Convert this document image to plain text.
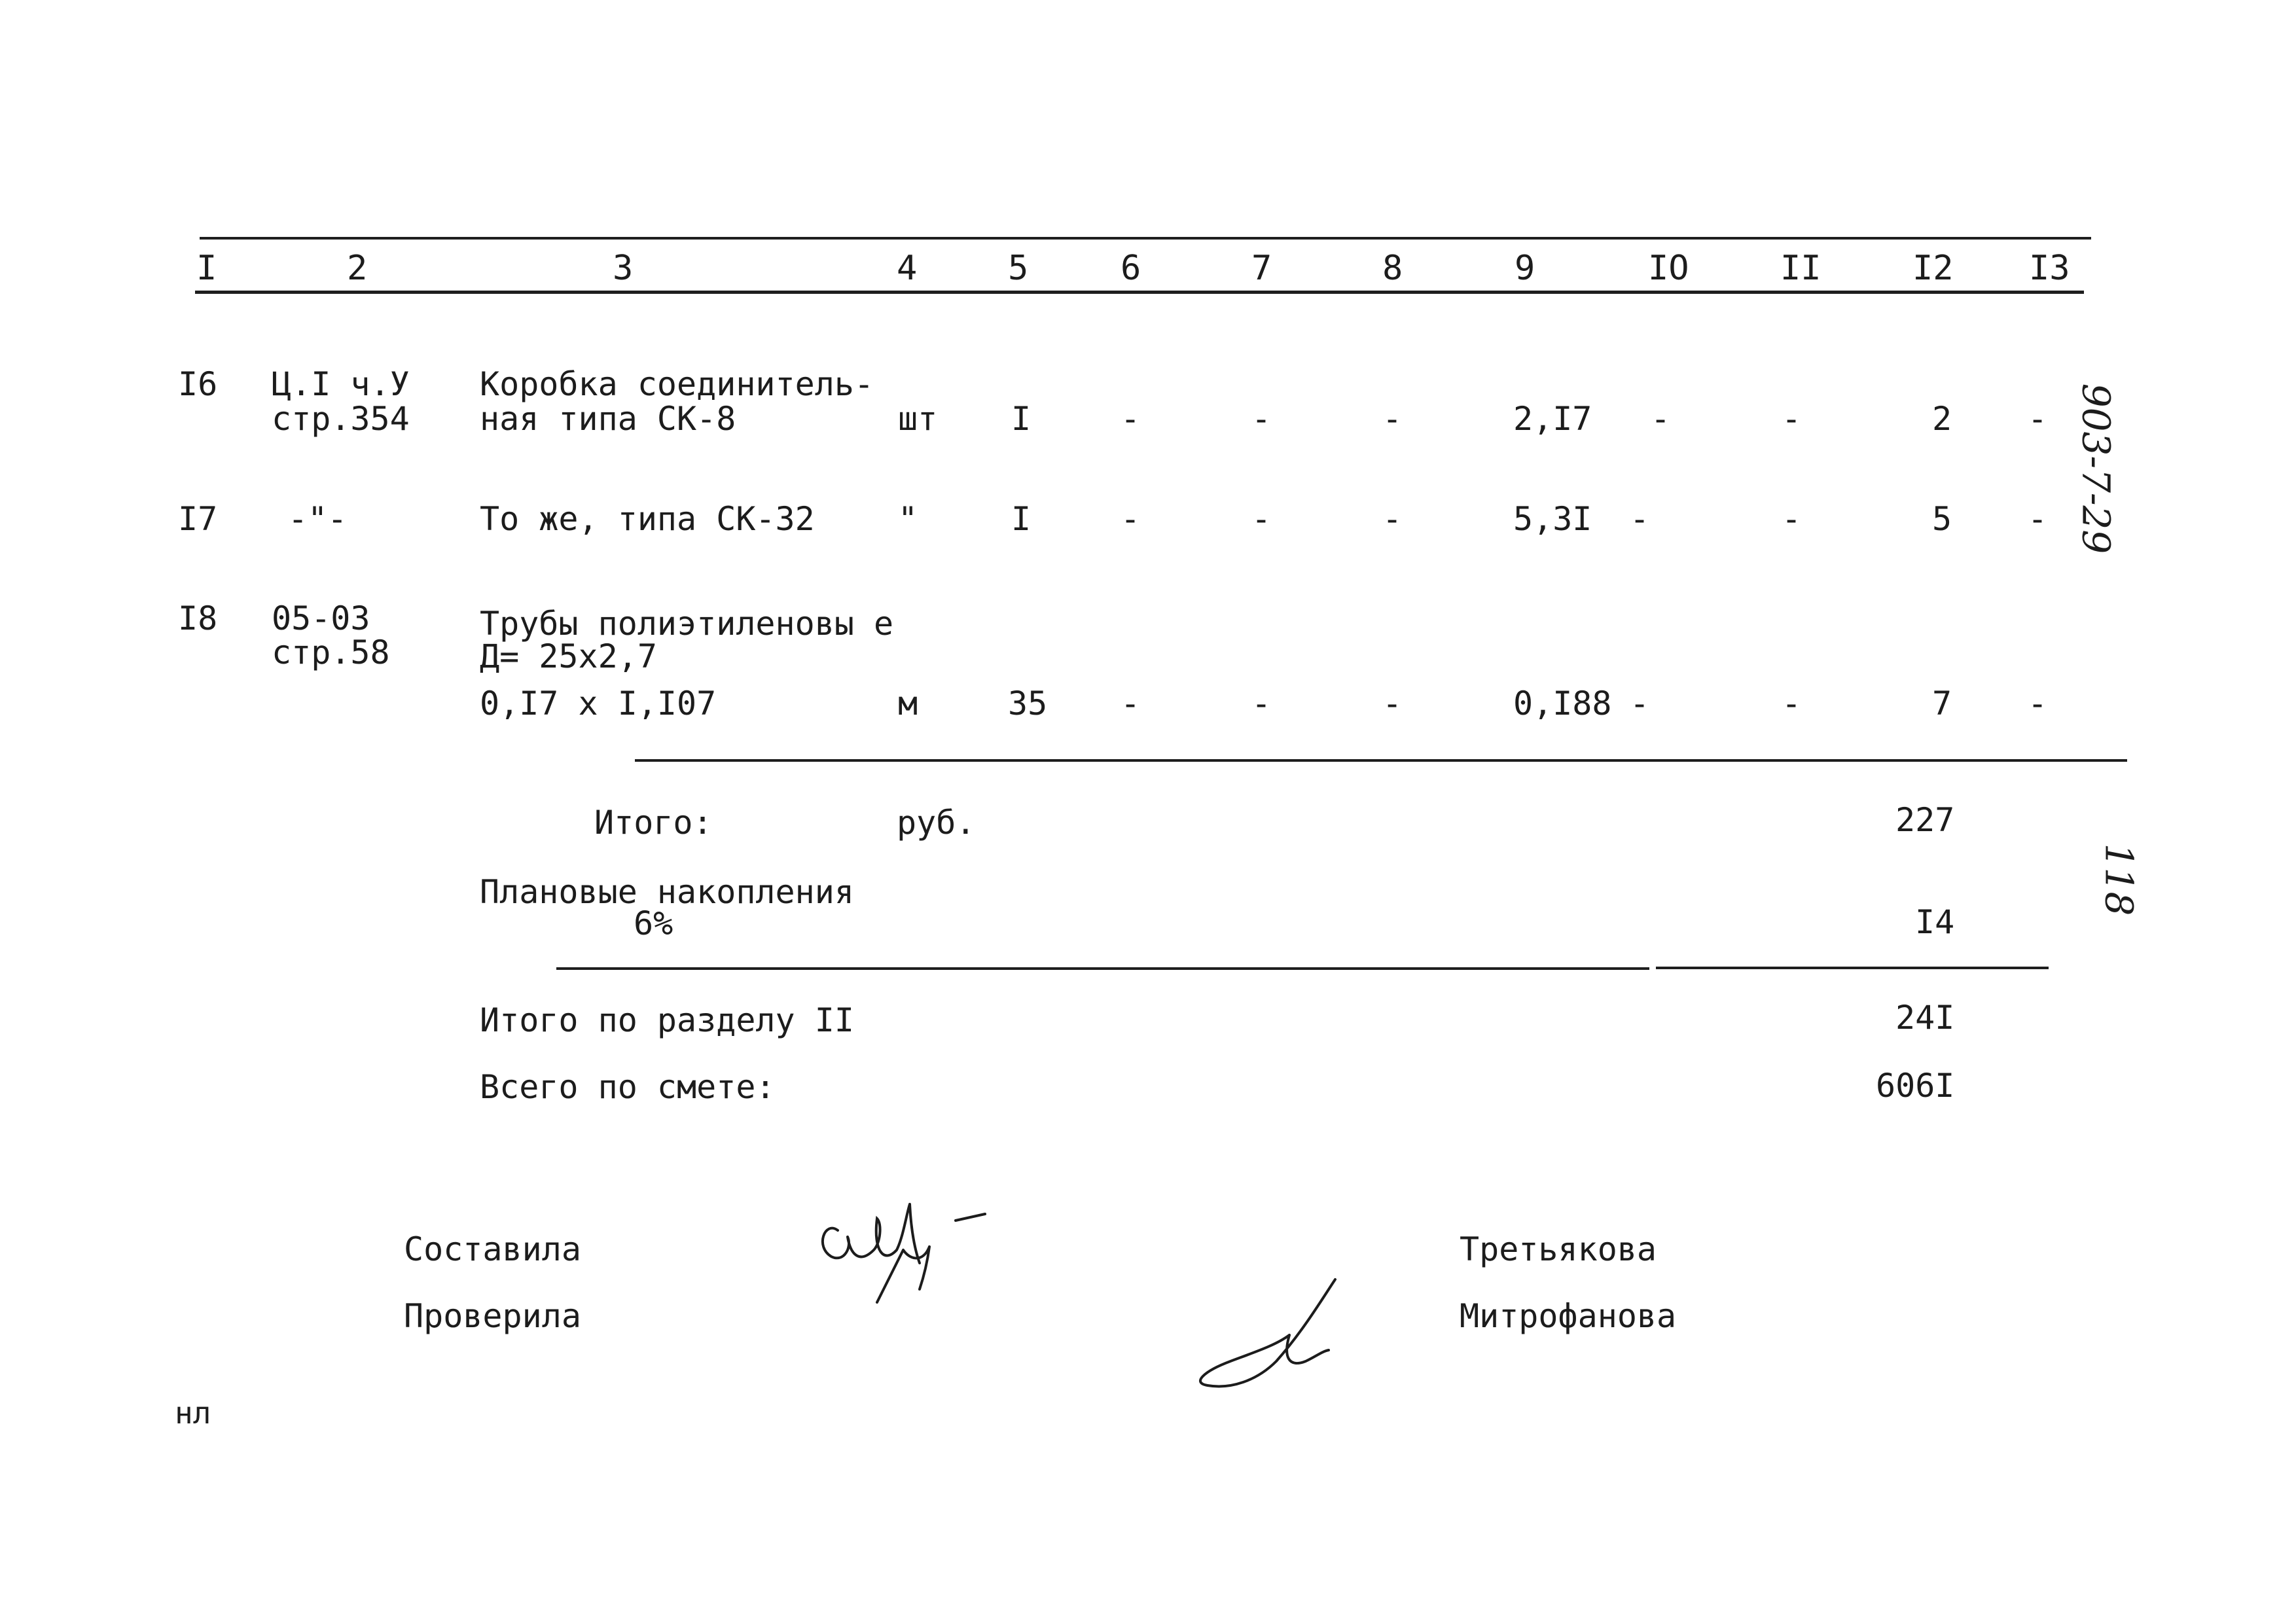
I	2	3	4	5	6	7	8	9	IO	II	I2 I3
I6 Ц.I ч.У
стр.354
Коробка соединитель-
ная типа СК-8	шт I	-	-	-	2,I7 -	-	2 -
I7 -"-	То же, типа СК-32	"	I	-	-	-	5,3I -	-	5 -
I8 05-03
стр.58
Трубы полиэтиленовы е
Д= 25х2,7
0,I7 х I,I07	м	35 -	-	-	0,I88 -	-	7 -
Итого:	руб.	227
Плановые накопления
6%	I4
Итого по разделу II	24I
Всего по смете:	606I
Составила	Третьякова
Проверила	Митрофанова
нл
903-7-29
118
